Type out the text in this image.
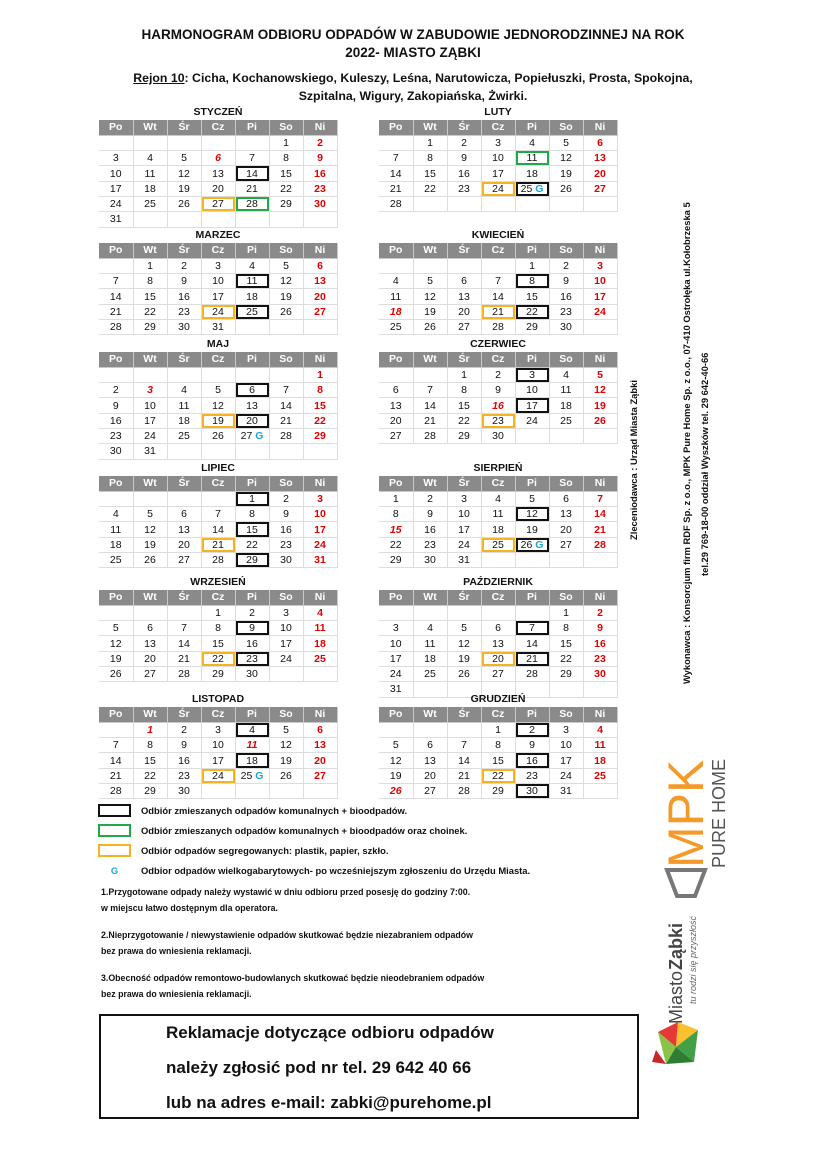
HARMONOGRAM ODBIORU ODPADÓW W ZABUDOWIE JEDNORODZINNEJ NA ROK
2022- MIASTO ZĄBKI
Rejon 10: Cicha, Kochanowskiego, Kuleszy, Leśna, Narutowicza, Popiełuszki, Prosta, Spokojna,
Szpitalna, Wigury, Zakopiańska, Żwirki.
STYCZEŃ
Po	Wt	Śr	Cz	Pi	So	Ni
					1	2
3	4	5	6	7	8	9
10	11	12	13	14	15	16
17	18	19	20	21	22	23
24	25	26	27	28	29	30
31						
LUTY
Po	Wt	Śr	Cz	Pi	So	Ni
	1	2	3	4	5	6
7	8	9	10	11	12	13
14	15	16	17	18	19	20
21	22	23	24	25 G	26	27
28						
MARZEC
Po	Wt	Śr	Cz	Pi	So	Ni
	1	2	3	4	5	6
7	8	9	10	11	12	13
14	15	16	17	18	19	20
21	22	23	24	25	26	27
28	29	30	31			
KWIECIEŃ
Po	Wt	Śr	Cz	Pi	So	Ni
				1	2	3
4	5	6	7	8	9	10
11	12	13	14	15	16	17
18	19	20	21	22	23	24
25	26	27	28	29	30	
MAJ
Po	Wt	Śr	Cz	Pi	So	Ni
						1
2	3	4	5	6	7	8
9	10	11	12	13	14	15
16	17	18	19	20	21	22
23	24	25	26	27 G	28	29
30	31					
CZERWIEC
Po	Wt	Śr	Cz	Pi	So	Ni
		1	2	3	4	5
6	7	8	9	10	11	12
13	14	15	16	17	18	19
20	21	22	23	24	25	26
27	28	29	30			
LIPIEC
Po	Wt	Śr	Cz	Pi	So	Ni
				1	2	3
4	5	6	7	8	9	10
11	12	13	14	15	16	17
18	19	20	21	22	23	24
25	26	27	28	29	30	31
SIERPIEŃ
Po	Wt	Śr	Cz	Pi	So	Ni
1	2	3	4	5	6	7
8	9	10	11	12	13	14
15	16	17	18	19	20	21
22	23	24	25	26 G	27	28
29	30	31				
WRZESIEŃ
Po	Wt	Śr	Cz	Pi	So	Ni
			1	2	3	4
5	6	7	8	9	10	11
12	13	14	15	16	17	18
19	20	21	22	23	24	25
26	27	28	29	30		
PAŹDZIERNIK
Po	Wt	Śr	Cz	Pi	So	Ni
					1	2
3	4	5	6	7	8	9
10	11	12	13	14	15	16
17	18	19	20	21	22	23
24	25	26	27	28	29	30
31						
LISTOPAD
Po	Wt	Śr	Cz	Pi	So	Ni
	1	2	3	4	5	6
7	8	9	10	11	12	13
14	15	16	17	18	19	20
21	22	23	24	25 G	26	27
28	29	30				
GRUDZIEŃ
Po	Wt	Śr	Cz	Pi	So	Ni
			1	2	3	4
5	6	7	8	9	10	11
12	13	14	15	16	17	18
19	20	21	22	23	24	25
26	27	28	29	30	31	
Odbiór zmieszanych odpadów komunalnych + bioodpadów.
Odbiór zmieszanych odpadów komunalnych + bioodpadów oraz choinek.
Odbiór odpadów segregowanych: plastik, papier, szkło.
G Odbior odpadów wielkogabarytowych- po wcześniejszym zgłoszeniu do Urzędu Miasta.

1.Przygotowane odpady należy wystawić w dniu odbioru przed posesję do godziny 7:00.
w miejscu łatwo dostępnym dla operatora.

2.Nieprzygotowanie / niewystawienie odpadów skutkować będzie niezabraniem odpadów
bez prawa do wniesienia reklamacji.

3.Obecność odpadów remontowo-budowlanych skutkować będzie nieodebraniem odpadów
bez prawa do wniesienia reklamacji.

Reklamacje dotyczące odbioru odpadów
należy zgłosić pod nr tel. 29 642 40 66
lub na adres e-mail: zabki@purehome.pl
Zleceniodawca : Urząd Miasta Ząbki	Wykonawca : Konsorcjum firm RDF Sp. z o.o., MPK Pure Home Sp. z o.o., 07-410 Ostrołęka ul.Kołobrzeska 5 tel.29 769-18-00 oddział Wyszków tel. 29 642-40-66
MPK
PURE HOME
Miasto
Ząbki tu rodzi się przyszłość
